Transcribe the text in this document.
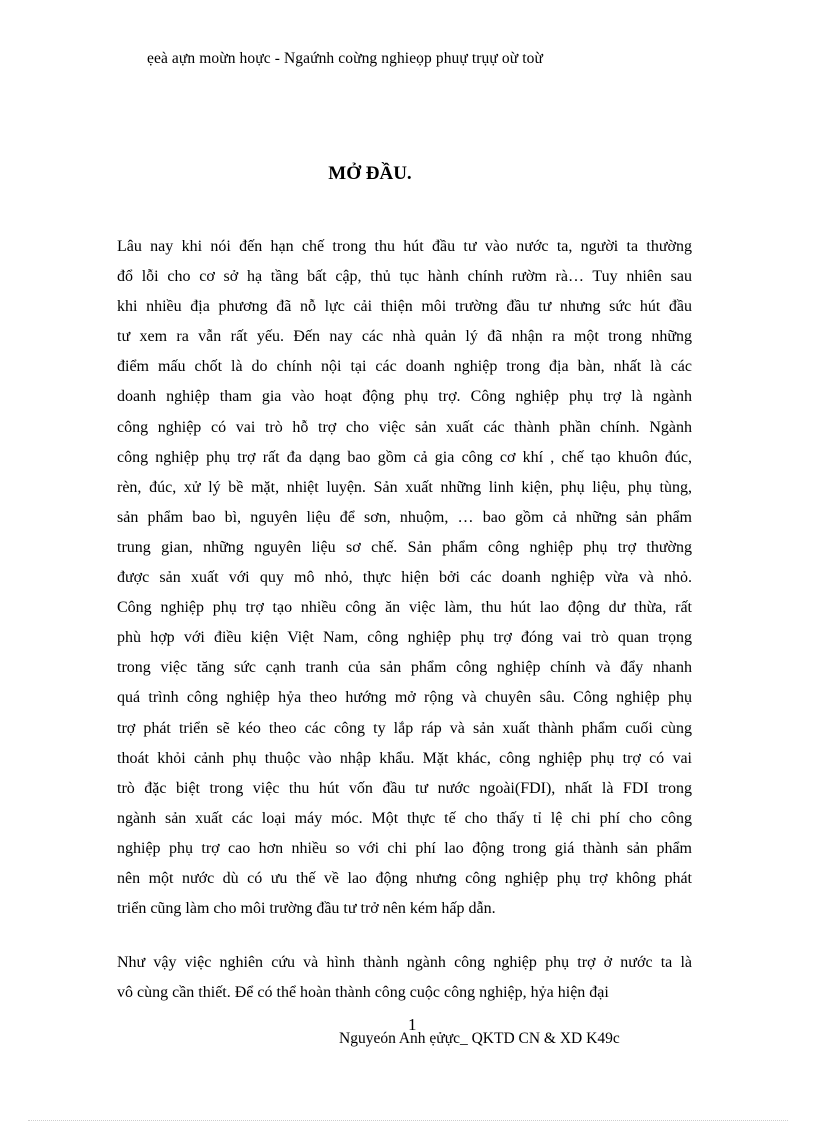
ẹeà aựn moừn hoực - Ngaứnh coừng nghieọp phuự trụự oừ toừ
MỞ ĐẦU.
Lâu nay khi nói đến hạn chế trong thu hút đầu tư vào nước ta, người ta thường
đổ lỗi cho cơ sở hạ tầng bất cập, thủ tục hành chính rườm rà… Tuy nhiên sau
khi nhiều địa phương đã nỗ lực cải thiện môi trường đầu tư nhưng sức hút đầu
tư xem ra vẫn rất yếu. Đến nay các nhà quản lý đã nhận ra một trong những
điểm mấu chốt là do chính nội tại các doanh nghiệp trong địa bàn, nhất là các
doanh nghiệp tham gia vào hoạt động phụ trợ. Công nghiệp phụ trợ là ngành
công nghiệp có vai trò hỗ trợ cho việc sản xuất các thành phần chính. Ngành
công nghiệp phụ trợ rất đa dạng bao gồm cả gia công cơ khí , chế tạo khuôn đúc,
rèn, đúc, xử lý bề mặt, nhiệt luyện. Sản xuất những linh kiện, phụ liệu, phụ tùng,
sản phẩm bao bì, nguyên liệu để sơn, nhuộm, … bao gồm cả những sản phẩm
trung gian, những nguyên liệu sơ chế. Sản phẩm công nghiệp phụ trợ thường
được sản xuất với quy mô nhỏ, thực hiện bởi các doanh nghiệp vừa và nhỏ.
Công nghiệp phụ trợ tạo nhiều công ăn việc làm, thu hút lao động dư thừa, rất
phù hợp với điều kiện Việt Nam, công nghiệp phụ trợ đóng vai trò quan trọng
trong việc tăng sức cạnh tranh của sản phẩm công nghiệp chính và đẩy nhanh
quá trình công nghiệp hỷa theo hướng mở rộng và chuyên sâu. Công nghiệp phụ
trợ phát triển sẽ kéo theo các công ty lắp ráp và sản xuất thành phẩm cuối cùng
thoát khỏi cảnh phụ thuộc vào nhập khẩu. Mặt khác, công nghiệp phụ trợ có vai
trò đặc biệt trong việc thu hút vốn đầu tư nước ngoài(FDI), nhất là FDI trong
ngành sản xuất các loại máy móc. Một thực tế cho thấy tỉ lệ chi phí cho công
nghiệp phụ trợ cao hơn nhiều so với chi phí lao động trong giá thành sản phẩm
nên một nước dù có ưu thế về lao động nhưng công nghiệp phụ trợ không phát
triển cũng làm cho môi trường đầu tư trở nên kém hấp dẫn.
Như vậy việc nghiên cứu và hình thành ngành công nghiệp phụ trợ ở nước ta là
vô cùng cần thiết. Để có thể hoàn thành công cuộc công nghiệp, hỷa hiện đại
1
Nguyeón Anh ẹửực_ QKTD CN & XD K49c
